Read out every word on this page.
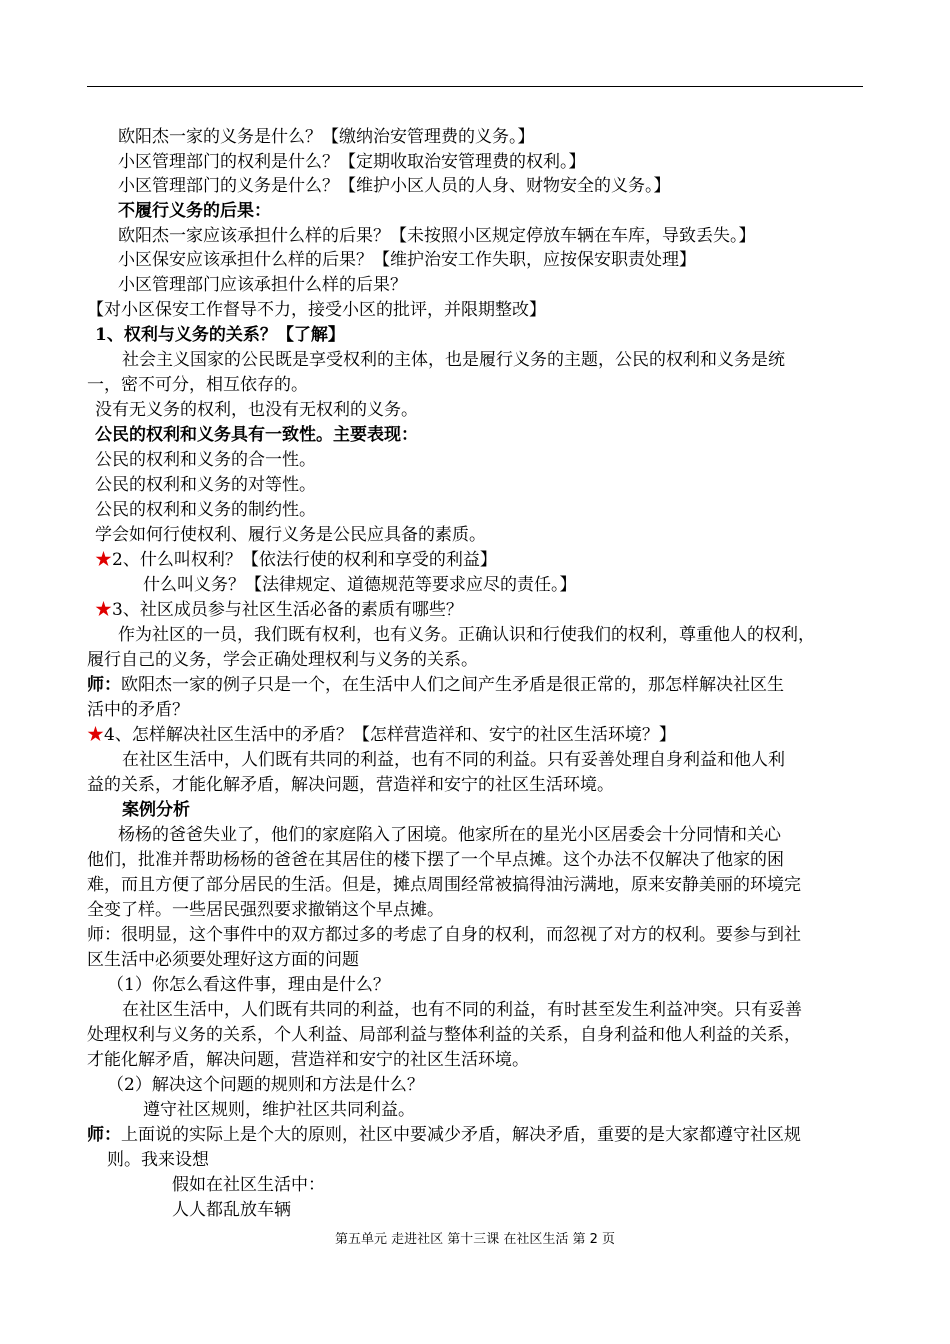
欧阳杰一家的义务是什么？【缴纳治安管理费的义务。】
小区管理部门的权利是什么？【定期收取治安管理费的权利。】
小区管理部门的义务是什么？【维护小区人员的人身、财物安全的义务。】
不履行义务的后果：
欧阳杰一家应该承担什么样的后果？【未按照小区规定停放车辆在车库，导致丢失。】
小区保安应该承担什么样的后果？【维护治安工作失职，应按保安职责处理】
小区管理部门应该承担什么样的后果？
【对小区保安工作督导不力，接受小区的批评，并限期整改】
1、权利与义务的关系？【了解】
社会主义国家的公民既是享受权利的主体，也是履行义务的主题，公民的权利和义务是统
一，密不可分，相互依存的。
没有无义务的权利，也没有无权利的义务。
公民的权利和义务具有一致性。主要表现：
公民的权利和义务的合一性。
公民的权利和义务的对等性。
公民的权利和义务的制约性。
学会如何行使权利、履行义务是公民应具备的素质。
★2、什么叫权利？【依法行使的权利和享受的利益】
什么叫义务？【法律规定、道德规范等要求应尽的责任。】
★3、社区成员参与社区生活必备的素质有哪些？
作为社区的一员，我们既有权利，也有义务。正确认识和行使我们的权利，尊重他人的权利，
履行自己的义务，学会正确处理权利与义务的关系。
师：欧阳杰一家的例子只是一个，在生活中人们之间产生矛盾是很正常的，那怎样解决社区生
活中的矛盾？
★4、怎样解决社区生活中的矛盾？【怎样营造祥和、安宁的社区生活环境？】
在社区生活中，人们既有共同的利益，也有不同的利益。只有妥善处理自身利益和他人利
益的关系，才能化解矛盾，解决问题，营造祥和安宁的社区生活环境。
案例分析
杨杨的爸爸失业了，他们的家庭陷入了困境。他家所在的星光小区居委会十分同情和关心
他们，批准并帮助杨杨的爸爸在其居住的楼下摆了一个早点摊。这个办法不仅解决了他家的困
难，而且方便了部分居民的生活。但是，摊点周围经常被搞得油污满地，原来安静美丽的环境完
全变了样。一些居民强烈要求撤销这个早点摊。
师：很明显，这个事件中的双方都过多的考虑了自身的权利，而忽视了对方的权利。要参与到社
区生活中必须要处理好这方面的问题
（1）你怎么看这件事，理由是什么？
在社区生活中，人们既有共同的利益，也有不同的利益，有时甚至发生利益冲突。只有妥善
处理权利与义务的关系，个人利益、局部利益与整体利益的关系，自身利益和他人利益的关系，
才能化解矛盾，解决问题，营造祥和安宁的社区生活环境。
（2）解决这个问题的规则和方法是什么？
遵守社区规则，维护社区共同利益。
师：上面说的实际上是个大的原则，社区中要减少矛盾，解决矛盾，重要的是大家都遵守社区规
则。我来设想
假如在社区生活中：
人人都乱放车辆
第五单元 走进社区 第十三课 在社区生活 第 2 页
